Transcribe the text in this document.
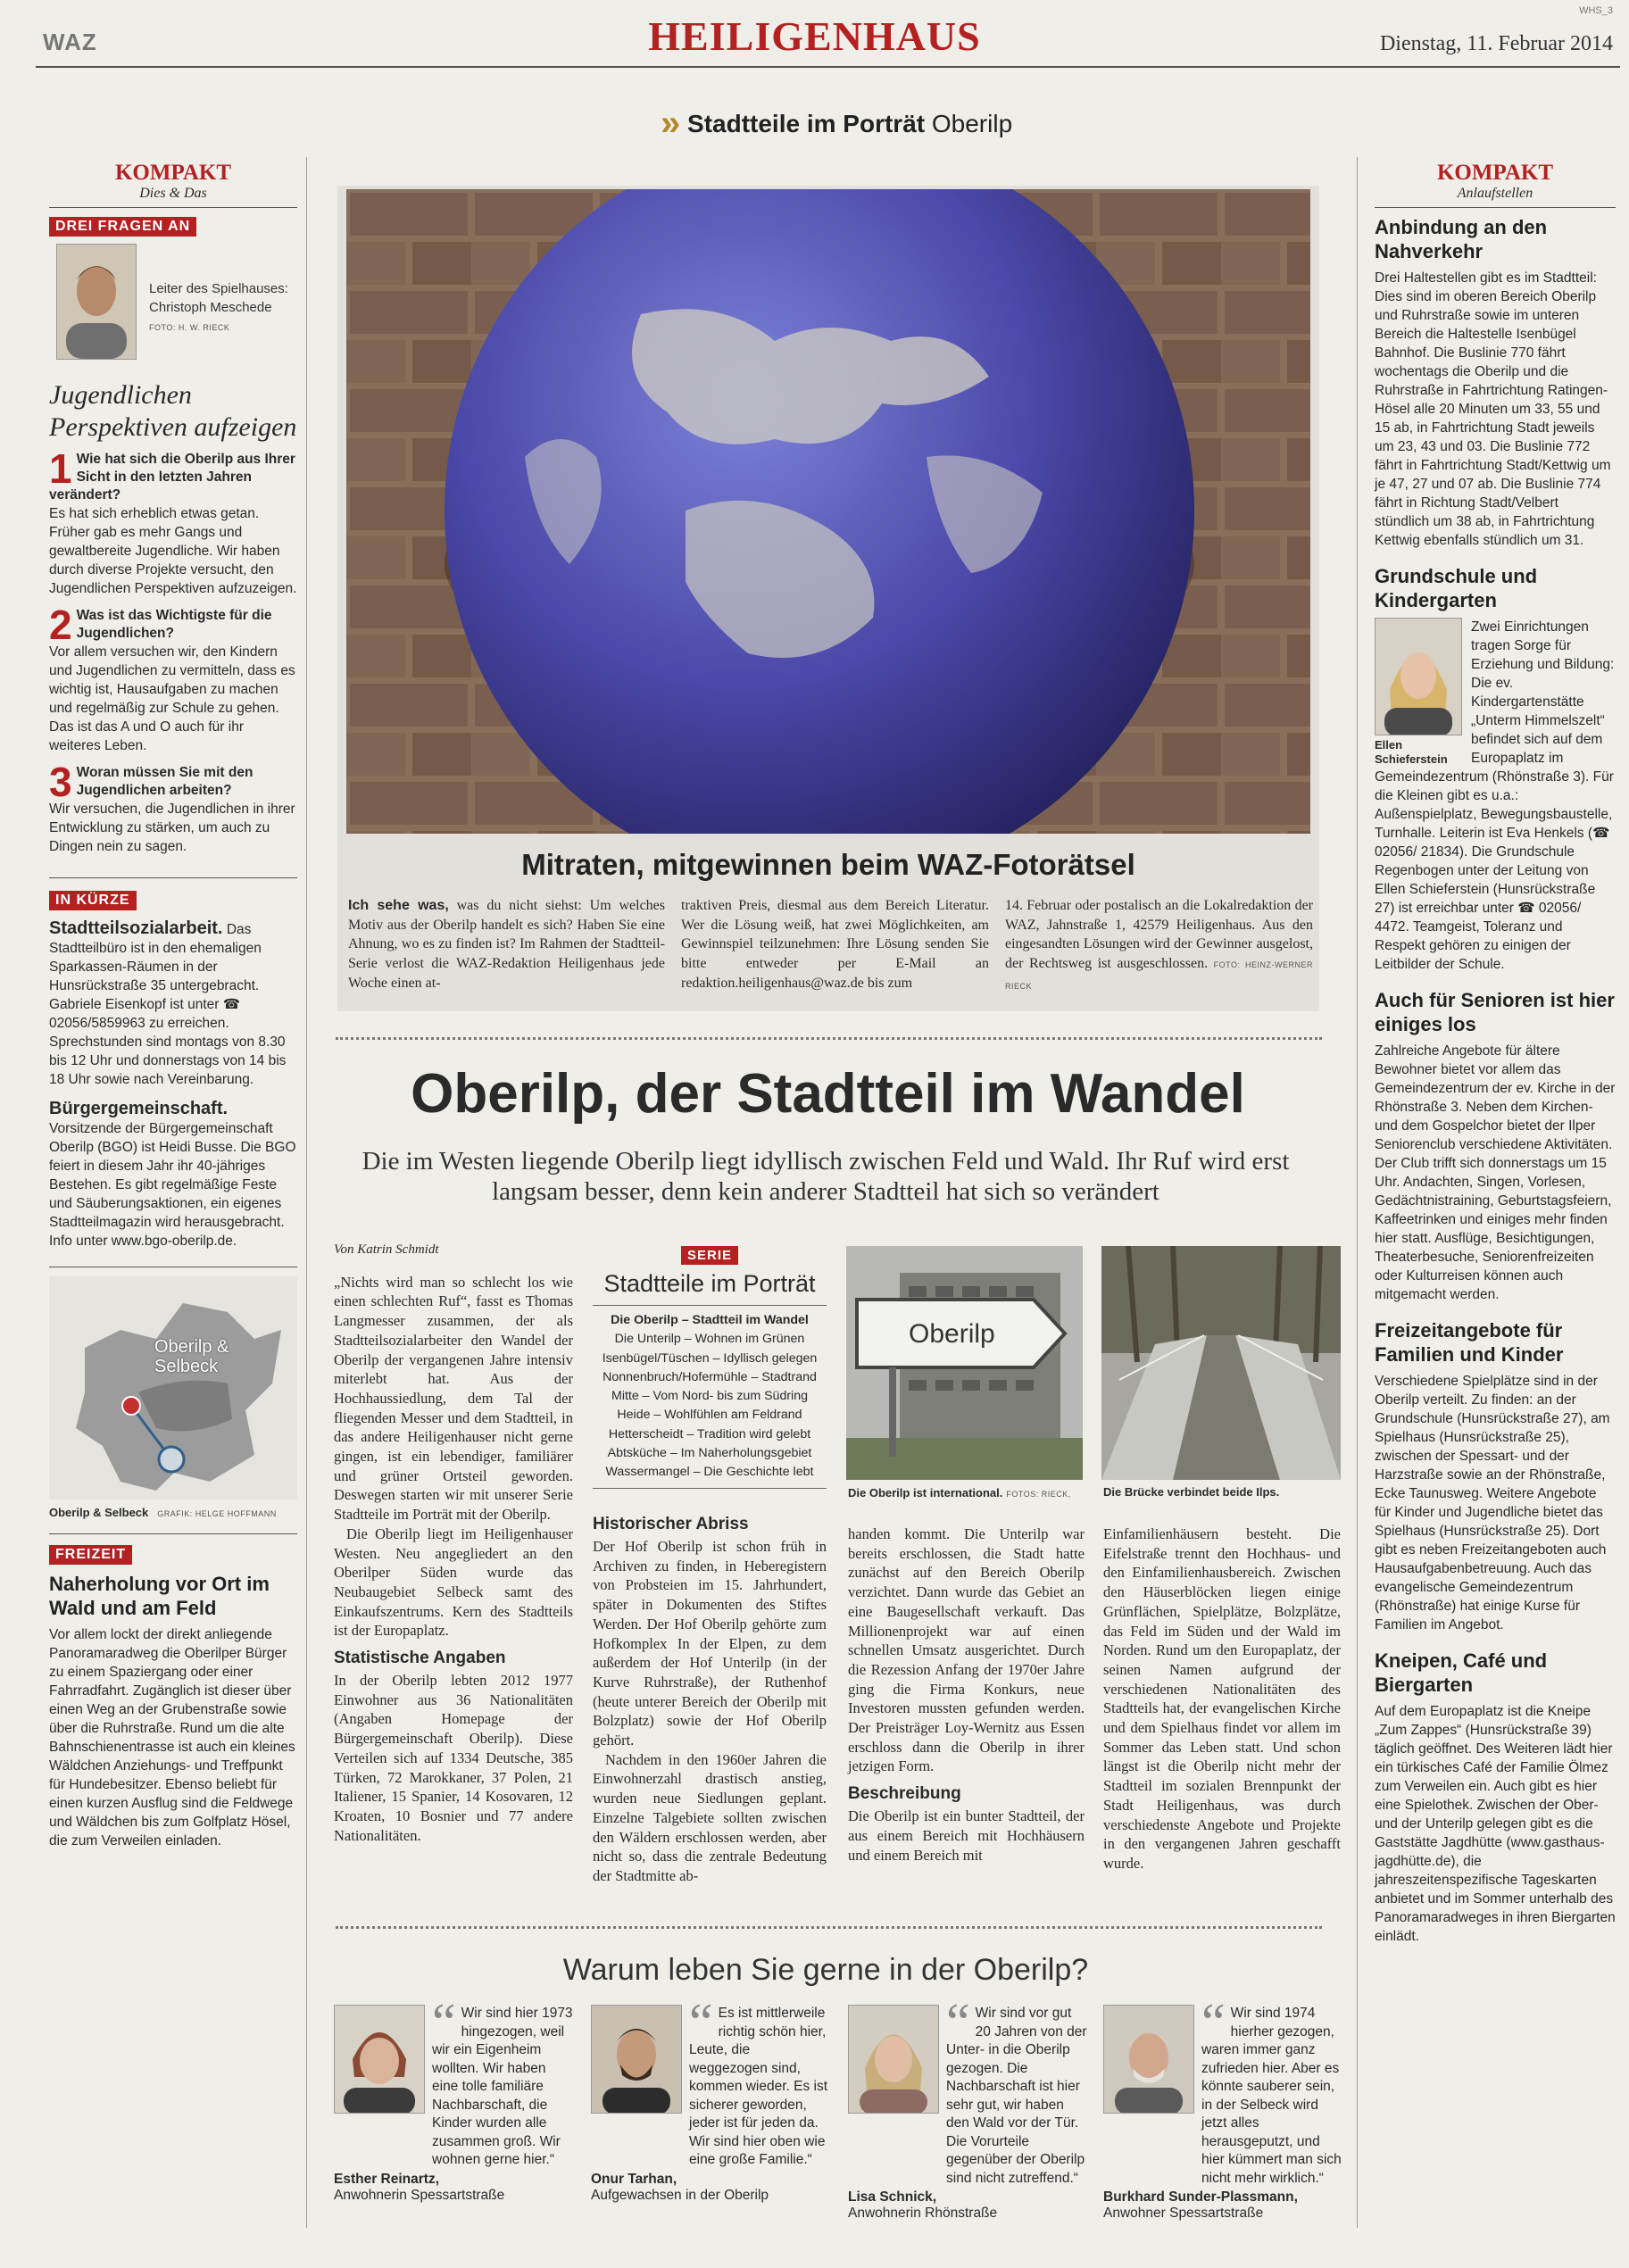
WAZ	HEILIGENHAUS	Dienstag, 11. Februar 2014
WHS_3
» Stadtteile im Porträt Oberilp
KOMPAKT
Dies & Das
DREI FRAGEN AN
Leiter des Spielhauses: Christoph Meschede FOTO: H. W. RIECK
Jugendlichen Perspektiven aufzeigen
1 Wie hat sich die Oberilp aus Ihrer Sicht in den letzten Jahren verändert?
Es hat sich erheblich etwas getan. Früher gab es mehr Gangs und gewaltbereite Jugendliche. Wir haben durch diverse Projekte versucht, den Jugendlichen Perspektiven aufzuzeigen.
2 Was ist das Wichtigste für die Jugendlichen?
Vor allem versuchen wir, den Kindern und Jugendlichen zu vermitteln, dass es wichtig ist, Hausaufgaben zu machen und regelmäßig zur Schule zu gehen. Das ist das A und O auch für ihr weiteres Leben.
3 Woran müssen Sie mit den Jugendlichen arbeiten?
Wir versuchen, die Jugendlichen in ihrer Entwicklung zu stärken, um auch zu Dingen nein zu sagen.
IN KÜRZE
Stadtteilsozialarbeit. Das Stadtteilbüro ist in den ehemaligen Sparkassen-Räumen in der Hunsrückstraße 35 untergebracht. Gabriele Eisenkopf ist unter ☎ 02056/5859963 zu erreichen. Sprechstunden sind montags von 8.30 bis 12 Uhr und donnerstags von 14 bis 18 Uhr sowie nach Vereinbarung.
Bürgergemeinschaft. Vorsitzende der Bürgergemeinschaft Oberilp (BGO) ist Heidi Busse. Die BGO feiert in diesem Jahr ihr 40-jähriges Bestehen. Es gibt regelmäßige Feste und Säuberungsaktionen, ein eigenes Stadtteilmagazin wird herausgebracht. Info unter www.bgo-oberilp.de.
Oberilp &
Selbeck
Oberilp & Selbeck GRAFIK: HELGE HOFFMANN
FREIZEIT
Naherholung vor Ort im Wald und am Feld
Vor allem lockt der direkt anliegende Panoramaradweg die Oberilper Bürger zu einem Spaziergang oder einer Fahrradfahrt. Zugänglich ist dieser über einen Weg an der Grubenstraße sowie über die Ruhrstraße. Rund um die alte Bahnschienentrasse ist auch ein kleines Wäldchen Anziehungs- und Treffpunkt für Hundebesitzer. Ebenso beliebt für einen kurzen Ausflug sind die Feldwege und Wäldchen bis zum Golfplatz Hösel, die zum Verweilen einladen.
Mitraten, mitgewinnen beim WAZ-Fotorätsel
Ich sehe was, was du nicht siehst: Um welches Motiv aus der Oberilp handelt es sich? Haben Sie eine Ahnung, wo es zu finden ist? Im Rahmen der Stadtteil-Serie verlost die WAZ-Redaktion Heiligenhaus jede Woche einen at-
traktiven Preis, diesmal aus dem Bereich Literatur. Wer die Lösung weiß, hat zwei Möglichkeiten, am Gewinnspiel teilzunehmen: Ihre Lösung senden Sie bitte entweder per E-Mail an redaktion.heiligenhaus@waz.de bis zum
14. Februar oder postalisch an die Lokalredaktion der WAZ, Jahnstraße 1, 42579 Heiligenhaus. Aus den eingesandten Lösungen wird der Gewinner ausgelost, der Rechtsweg ist ausgeschlossen. FOTO: HEINZ-WERNER RIECK
Oberilp, der Stadtteil im Wandel
Die im Westen liegende Oberilp liegt idyllisch zwischen Feld und Wald. Ihr Ruf wird erst langsam besser, denn kein anderer Stadtteil hat sich so verändert
Von Katrin Schmidt

„Nichts wird man so schlecht los wie einen schlechten Ruf“, fasst es Thomas Langmesser zusammen, der als Stadtteilsozialarbeiter den Wandel der Oberilp der vergangenen Jahre intensiv miterlebt hat. Aus der Hochhaussiedlung, dem Tal der fliegenden Messer und dem Stadtteil, in das andere Heiligenhauser nicht gerne gingen, ist ein lebendiger, familiärer und grüner Ortsteil geworden. Deswegen starten wir mit unserer Serie Stadtteile im Porträt mit der Oberilp.

Die Oberilp liegt im Heiligenhauser Westen. Neu angegliedert an den Oberilper Süden wurde das Neubaugebiet Selbeck samt des Einkaufszentrums. Kern des Stadtteils ist der Europaplatz.

Statistische Angaben

In der Oberilp lebten 2012 1977 Einwohner aus 36 Nationalitäten (Angaben Homepage der Bürgergemeinschaft Oberilp). Diese Verteilen sich auf 1334 Deutsche, 385 Türken, 72 Marokkaner, 37 Polen, 21 Italiener, 15 Spanier, 14 Kosovaren, 12 Kroaten, 10 Bosnier und 77 andere Nationalitäten.

SERIE
Stadtteile im Porträt
Die Oberilp – Stadtteil im Wandel
Die Unterilp – Wohnen im Grünen
Isenbügel/Tüschen – Idyllisch gelegen
Nonnenbruch/Hofermühle – Stadtrand
Mitte – Vom Nord- bis zum Südring
Heide – Wohlfühlen am Feldrand
Hetterscheidt – Tradition wird gelebt
Abtsküche – Im Naherholungsgebiet
Wassermangel – Die Geschichte lebt
Oberilp
Die Oberilp ist international. FOTOS: RIECK,	Die Brücke verbindet beide Ilps.
Historischer Abriss

Der Hof Oberilp ist schon früh in Archiven zu finden, in Heberegistern von Probsteien im 15. Jahrhundert, später in Dokumenten des Stiftes Werden. Der Hof Oberilp gehörte zum Hofkomplex In der Elpen, zu dem außerdem der Hof Unterilp (in der Kurve Ruhrstraße), der Ruthenhof (heute unterer Bereich der Oberilp mit Bolzplatz) sowie der Hof Oberilp gehört.

Nachdem in den 1960er Jahren die Einwohnerzahl drastisch anstieg, wurden neue Siedlungen geplant. Einzelne Talgebiete sollten zwischen den Wäldern erschlossen werden, aber nicht so, dass die zentrale Bedeutung der Stadtmitte ab-

handen kommt. Die Unterilp war bereits erschlossen, die Stadt hatte zunächst auf den Bereich Oberilp verzichtet. Dann wurde das Gebiet an eine Baugesellschaft verkauft. Das Millionenprojekt war auf einen schnellen Umsatz ausgerichtet. Durch die Rezession Anfang der 1970er Jahre ging die Firma Konkurs, neue Investoren mussten gefunden werden. Der Preisträger Loy-Wernitz aus Essen erschloss dann die Oberilp in ihrer jetzigen Form.

Beschreibung

Die Oberilp ist ein bunter Stadtteil, der aus einem Bereich mit Hochhäusern und einem Bereich mit

Einfamilienhäusern besteht. Die Eifelstraße trennt den Hochhaus- und den Einfamilienhausbereich. Zwischen den Häuserblöcken liegen einige Grünflächen, Spielplätze, Bolzplätze, das Feld im Süden und der Wald im Norden. Rund um den Europaplatz, der seinen Namen aufgrund der verschiedenen Nationalitäten des Stadtteils hat, der evangelischen Kirche und dem Spielhaus findet vor allem im Sommer das Leben statt. Und schon längst ist die Oberilp nicht mehr der Stadtteil im sozialen Brennpunkt der Stadt Heiligenhaus, was durch verschiedenste Angebote und Projekte in den vergangenen Jahren geschafft wurde.

Warum leben Sie gerne in der Oberilp?
“ Wir sind hier 1973 hingezogen, weil wir ein Eigenheim wollten. Wir haben eine tolle familiäre Nachbarschaft, die Kinder wurden alle zusammen groß. Wir wohnen gerne hier.“
Esther Reinartz,
Anwohnerin Spessartstraße
“ Es ist mittlerweile richtig schön hier, Leute, die weggezogen sind, kommen wieder. Es ist sicherer geworden, jeder ist für jeden da. Wir sind hier oben wie eine große Familie.“
Onur Tarhan,
Aufgewachsen in der Oberilp
“ Wir sind vor gut 20 Jahren von der Unter- in die Oberilp gezogen. Die Nachbarschaft ist hier sehr gut, wir haben den Wald vor der Tür. Die Vorurteile gegenüber der Oberilp sind nicht zutreffend.“
Lisa Schnick,
Anwohnerin Rhönstraße
“ Wir sind 1974 hierher gezogen, waren immer ganz zufrieden hier. Aber es könnte sauberer sein, in der Selbeck wird jetzt alles herausgeputzt, und hier kümmert man sich nicht mehr wirklich.“
Burkhard Sunder-Plassmann,
Anwohner Spessartstraße
KOMPAKT
Anlaufstellen
Anbindung an den Nahverkehr
Drei Haltestellen gibt es im Stadtteil: Dies sind im oberen Bereich Oberilp und Ruhrstraße sowie im unteren Bereich die Haltestelle Isenbügel Bahnhof. Die Buslinie 770 fährt wochentags die Oberilp und die Ruhrstraße in Fahrtrichtung Ratingen-Hösel alle 20 Minuten um 33, 55 und 15 ab, in Fahrtrichtung Stadt jeweils um 23, 43 und 03. Die Buslinie 772 fährt in Fahrtrichtung Stadt/Kettwig um je 47, 27 und 07 ab. Die Buslinie 774 fährt in Richtung Stadt/Velbert stündlich um 38 ab, in Fahrtrichtung Kettwig ebenfalls stündlich um 31.
Grundschule und Kindergarten
Ellen Schieferstein
Zwei Einrichtungen tragen Sorge für Erziehung und Bildung: Die ev. Kindergartenstätte „Unterm Himmelszelt“ befindet sich auf dem Europaplatz im
Gemeindezentrum (Rhönstraße 3). Für die Kleinen gibt es u.a.: Außenspielplatz, Bewegungsbaustelle, Turnhalle. Leiterin ist Eva Henkels (☎ 02056/ 21834). Die Grundschule Regenbogen unter der Leitung von Ellen Schieferstein (Hunsrückstraße 27) ist erreichbar unter ☎ 02056/ 4472. Teamgeist, Toleranz und Respekt gehören zu einigen der Leitbilder der Schule.
Auch für Senioren ist hier einiges los
Zahlreiche Angebote für ältere Bewohner bietet vor allem das Gemeindezentrum der ev. Kirche in der Rhönstraße 3. Neben dem Kirchen- und dem Gospelchor bietet der Ilper Seniorenclub verschiedene Aktivitäten. Der Club trifft sich donnerstags um 15 Uhr. Andachten, Singen, Vorlesen, Gedächtnistraining, Geburtstagsfeiern, Kaffeetrinken und einiges mehr finden hier statt. Ausflüge, Besichtigungen, Theaterbesuche, Seniorenfreizeiten oder Kulturreisen können auch mitgemacht werden.
Freizeitangebote für Familien und Kinder
Verschiedene Spielplätze sind in der Oberilp verteilt. Zu finden: an der Grundschule (Hunsrückstraße 27), am Spielhaus (Hunsrückstraße 25), zwischen der Spessart- und der Harzstraße sowie an der Rhönstraße, Ecke Taunusweg. Weitere Angebote für Kinder und Jugendliche bietet das Spielhaus (Hunsrückstraße 25). Dort gibt es neben Freizeitangeboten auch Hausaufgabenbetreuung. Auch das evangelische Gemeindezentrum (Rhönstraße) hat einige Kurse für Familien im Angebot.
Kneipen, Café und Biergarten
Auf dem Europaplatz ist die Kneipe „Zum Zappes“ (Hunsrückstraße 39) täglich geöffnet. Des Weiteren lädt hier ein türkisches Café der Familie Ölmez zum Verweilen ein. Auch gibt es hier eine Spielothek. Zwischen der Ober- und der Unterilp gelegen gibt es die Gaststätte Jagdhütte (www.gasthaus-jagdhütte.de), die jahreszeitenspezifische Tageskarten anbietet und im Sommer unterhalb des Panoramaradweges in ihren Biergarten einlädt.
